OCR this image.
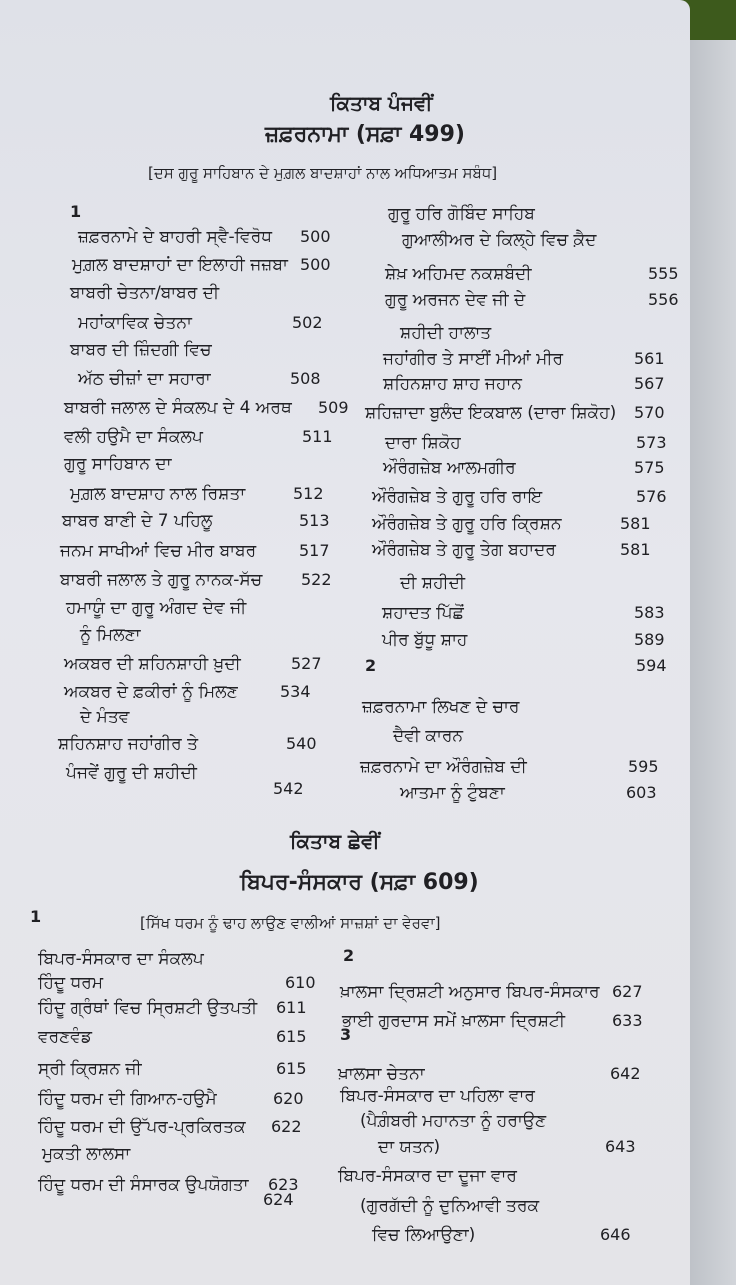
ਕਿਤਾਬ ਪੰਜਵੀਂ
ਜ਼ਫ਼ਰਨਾਮਾ (ਸਫ਼ਾ 499)
[ਦਸ ਗੁਰੂ ਸਾਹਿਬਾਨ ਦੇ ਮੁਗ਼ਲ ਬਾਦਸ਼ਾਹਾਂ ਨਾਲ ਅਧਿਆਤਮ ਸਬੰਧ]
1
ਜ਼ਫ਼ਰਨਾਮੇ ਦੇ ਬਾਹਰੀ ਸ੍ਵੈ-ਵਿਰੋਧ 500
ਮੁਗ਼ਲ ਬਾਦਸ਼ਾਹਾਂ ਦਾ ਇਲਾਹੀ ਜਜ਼ਬਾ 500
ਬਾਬਰੀ ਚੇਤਨਾ/ਬਾਬਰ ਦੀ
ਮਹਾਂਕਾਵਿਕ ਚੇਤਨਾ	502
ਬਾਬਰ ਦੀ ਜ਼ਿੰਦਗੀ ਵਿਚ
ਅੱਠ ਚੀਜ਼ਾਂ ਦਾ ਸਹਾਰਾ	508
ਬਾਬਰੀ ਜਲਾਲ ਦੇ ਸੰਕਲਪ ਦੇ 4 ਅਰਥ 509
ਵਲੀ ਹਉਮੈ ਦਾ ਸੰਕਲਪ	511
ਗੁਰੂ ਸਾਹਿਬਾਨ ਦਾ
ਮੁਗ਼ਲ ਬਾਦਸ਼ਾਹ ਨਾਲ ਰਿਸ਼ਤਾ	512
ਬਾਬਰ ਬਾਣੀ ਦੇ 7 ਪਹਿਲੂ	513
ਜਨਮ ਸਾਖੀਆਂ ਵਿਚ ਮੀਰ ਬਾਬਰ	517
ਬਾਬਰੀ ਜਲਾਲ ਤੇ ਗੁਰੂ ਨਾਨਕ-ਸੱਚ 522
ਹਮਾਯੂੰ ਦਾ ਗੁਰੂ ਅੰਗਦ ਦੇਵ ਜੀ
ਨੂੰ ਮਿਲਣਾ
ਅਕਬਰ ਦੀ ਸ਼ਹਿਨਸ਼ਾਹੀ ਖ਼ੁਦੀ	527
ਅਕਬਰ ਦੇ ਫ਼ਕੀਰਾਂ ਨੂੰ ਮਿਲਣ	534
ਦੇ ਮੰਤਵ
ਸ਼ਹਿਨਸ਼ਾਹ ਜਹਾਂਗੀਰ ਤੇ	540
ਪੰਜਵੇਂ ਗੁਰੂ ਦੀ ਸ਼ਹੀਦੀ
542
ਗੁਰੂ ਹਰਿ ਗੋਬਿੰਦ ਸਾਹਿਬ
ਗੁਆਲੀਅਰ ਦੇ ਕਿਲ੍ਹੇ ਵਿਚ ਕ਼ੈਦ
ਸ਼ੇਖ਼ ਅਹਿਮਦ ਨਕਸ਼ਬੰਦੀ	555
ਗੁਰੂ ਅਰਜਨ ਦੇਵ ਜੀ ਦੇ	556
ਸ਼ਹੀਦੀ ਹਾਲਾਤ
ਜਹਾਂਗੀਰ ਤੇ ਸਾਈਂ ਮੀਆਂ ਮੀਰ	561
ਸ਼ਹਿਨਸ਼ਾਹ ਸ਼ਾਹ ਜਹਾਨ	567
ਸ਼ਹਿਜ਼ਾਦਾ ਬੁਲੰਦ ਇਕਬਾਲ (ਦਾਰਾ ਸ਼ਿਕੋਹ) 570
ਦਾਰਾ ਸ਼ਿਕੋਹ	573
ਔਰੰਗਜ਼ੇਬ ਆਲਮਗੀਰ	575
ਔਰੰਗਜ਼ੇਬ ਤੇ ਗੁਰੂ ਹਰਿ ਰਾਇ	576
ਔਰੰਗਜ਼ੇਬ ਤੇ ਗੁਰੂ ਹਰਿ ਕ੍ਰਿਸ਼ਨ	581
ਔਰੰਗਜ਼ੇਬ ਤੇ ਗੁਰੂ ਤੇਗ ਬਹਾਦਰ	581
ਦੀ ਸ਼ਹੀਦੀ
ਸ਼ਹਾਦਤ ਪਿੱਛੋਂ	583
ਪੀਰ ਬੁੱਧੂ ਸ਼ਾਹ	589
2	594
ਜ਼ਫ਼ਰਨਾਮਾ ਲਿਖਣ ਦੇ ਚਾਰ
ਦੈਵੀ ਕਾਰਨ
ਜ਼ਫ਼ਰਨਾਮੇ ਦਾ ਔਰੰਗਜ਼ੇਬ ਦੀ	595
ਆਤਮਾ ਨੂੰ ਟੁੰਬਣਾ	603
ਕਿਤਾਬ ਛੇਵੀਂ
ਬਿਪਰ-ਸੰਸਕਾਰ (ਸਫ਼ਾ 609)
[ਸਿੱਖ ਧਰਮ ਨੂੰ ਢਾਹ ਲਾਉਣ ਵਾਲੀਆਂ ਸਾਜ਼ਸ਼ਾਂ ਦਾ ਵੇਰਵਾ]
1
ਬਿਪਰ-ਸੰਸਕਾਰ ਦਾ ਸੰਕਲਪ
ਹਿੰਦੂ ਧਰਮ	610
ਹਿੰਦੂ ਗ੍ਰੰਥਾਂ ਵਿਚ ਸ੍ਰਿਸ਼ਟੀ ਉਤਪਤੀ 611
ਵਰਣਵੰਡ	615
ਸ੍ਰੀ ਕ੍ਰਿਸ਼ਨ ਜੀ	615
ਹਿੰਦੂ ਧਰਮ ਦੀ ਗਿਆਨ-ਹਉਮੈ	620
ਹਿੰਦੂ ਧਰਮ ਦੀ ਉੱਪਰ-ਪ੍ਰਕਿਰਤਕ 622
ਮੁਕਤੀ ਲਾਲਸਾ
ਹਿੰਦੂ ਧਰਮ ਦੀ ਸੰਸਾਰਕ ਉਪਯੋਗਤਾ 623
624
2
ਖ਼ਾਲਸਾ ਦ੍ਰਿਸ਼ਟੀ ਅਨੁਸਾਰ ਬਿਪਰ-ਸੰਸਕਾਰ 627
ਭਾਈ ਗੁਰਦਾਸ ਸਮੇਂ ਖ਼ਾਲਸਾ ਦ੍ਰਿਸ਼ਟੀ	633
3
ਖ਼ਾਲਸਾ ਚੇਤਨਾ	642
ਬਿਪਰ-ਸੰਸਕਾਰ ਦਾ ਪਹਿਲਾ ਵਾਰ
(ਪੈਗ਼ੰਬਰੀ ਮਹਾਨਤਾ ਨੂੰ ਹਰਾਉਣ
ਦਾ ਯਤਨ)	643
ਬਿਪਰ-ਸੰਸਕਾਰ ਦਾ ਦੂਜਾ ਵਾਰ
(ਗੁਰਗੱਦੀ ਨੂੰ ਦੁਨਿਆਵੀ ਤਰਕ
ਵਿਚ ਲਿਆਉਣਾ)	646
